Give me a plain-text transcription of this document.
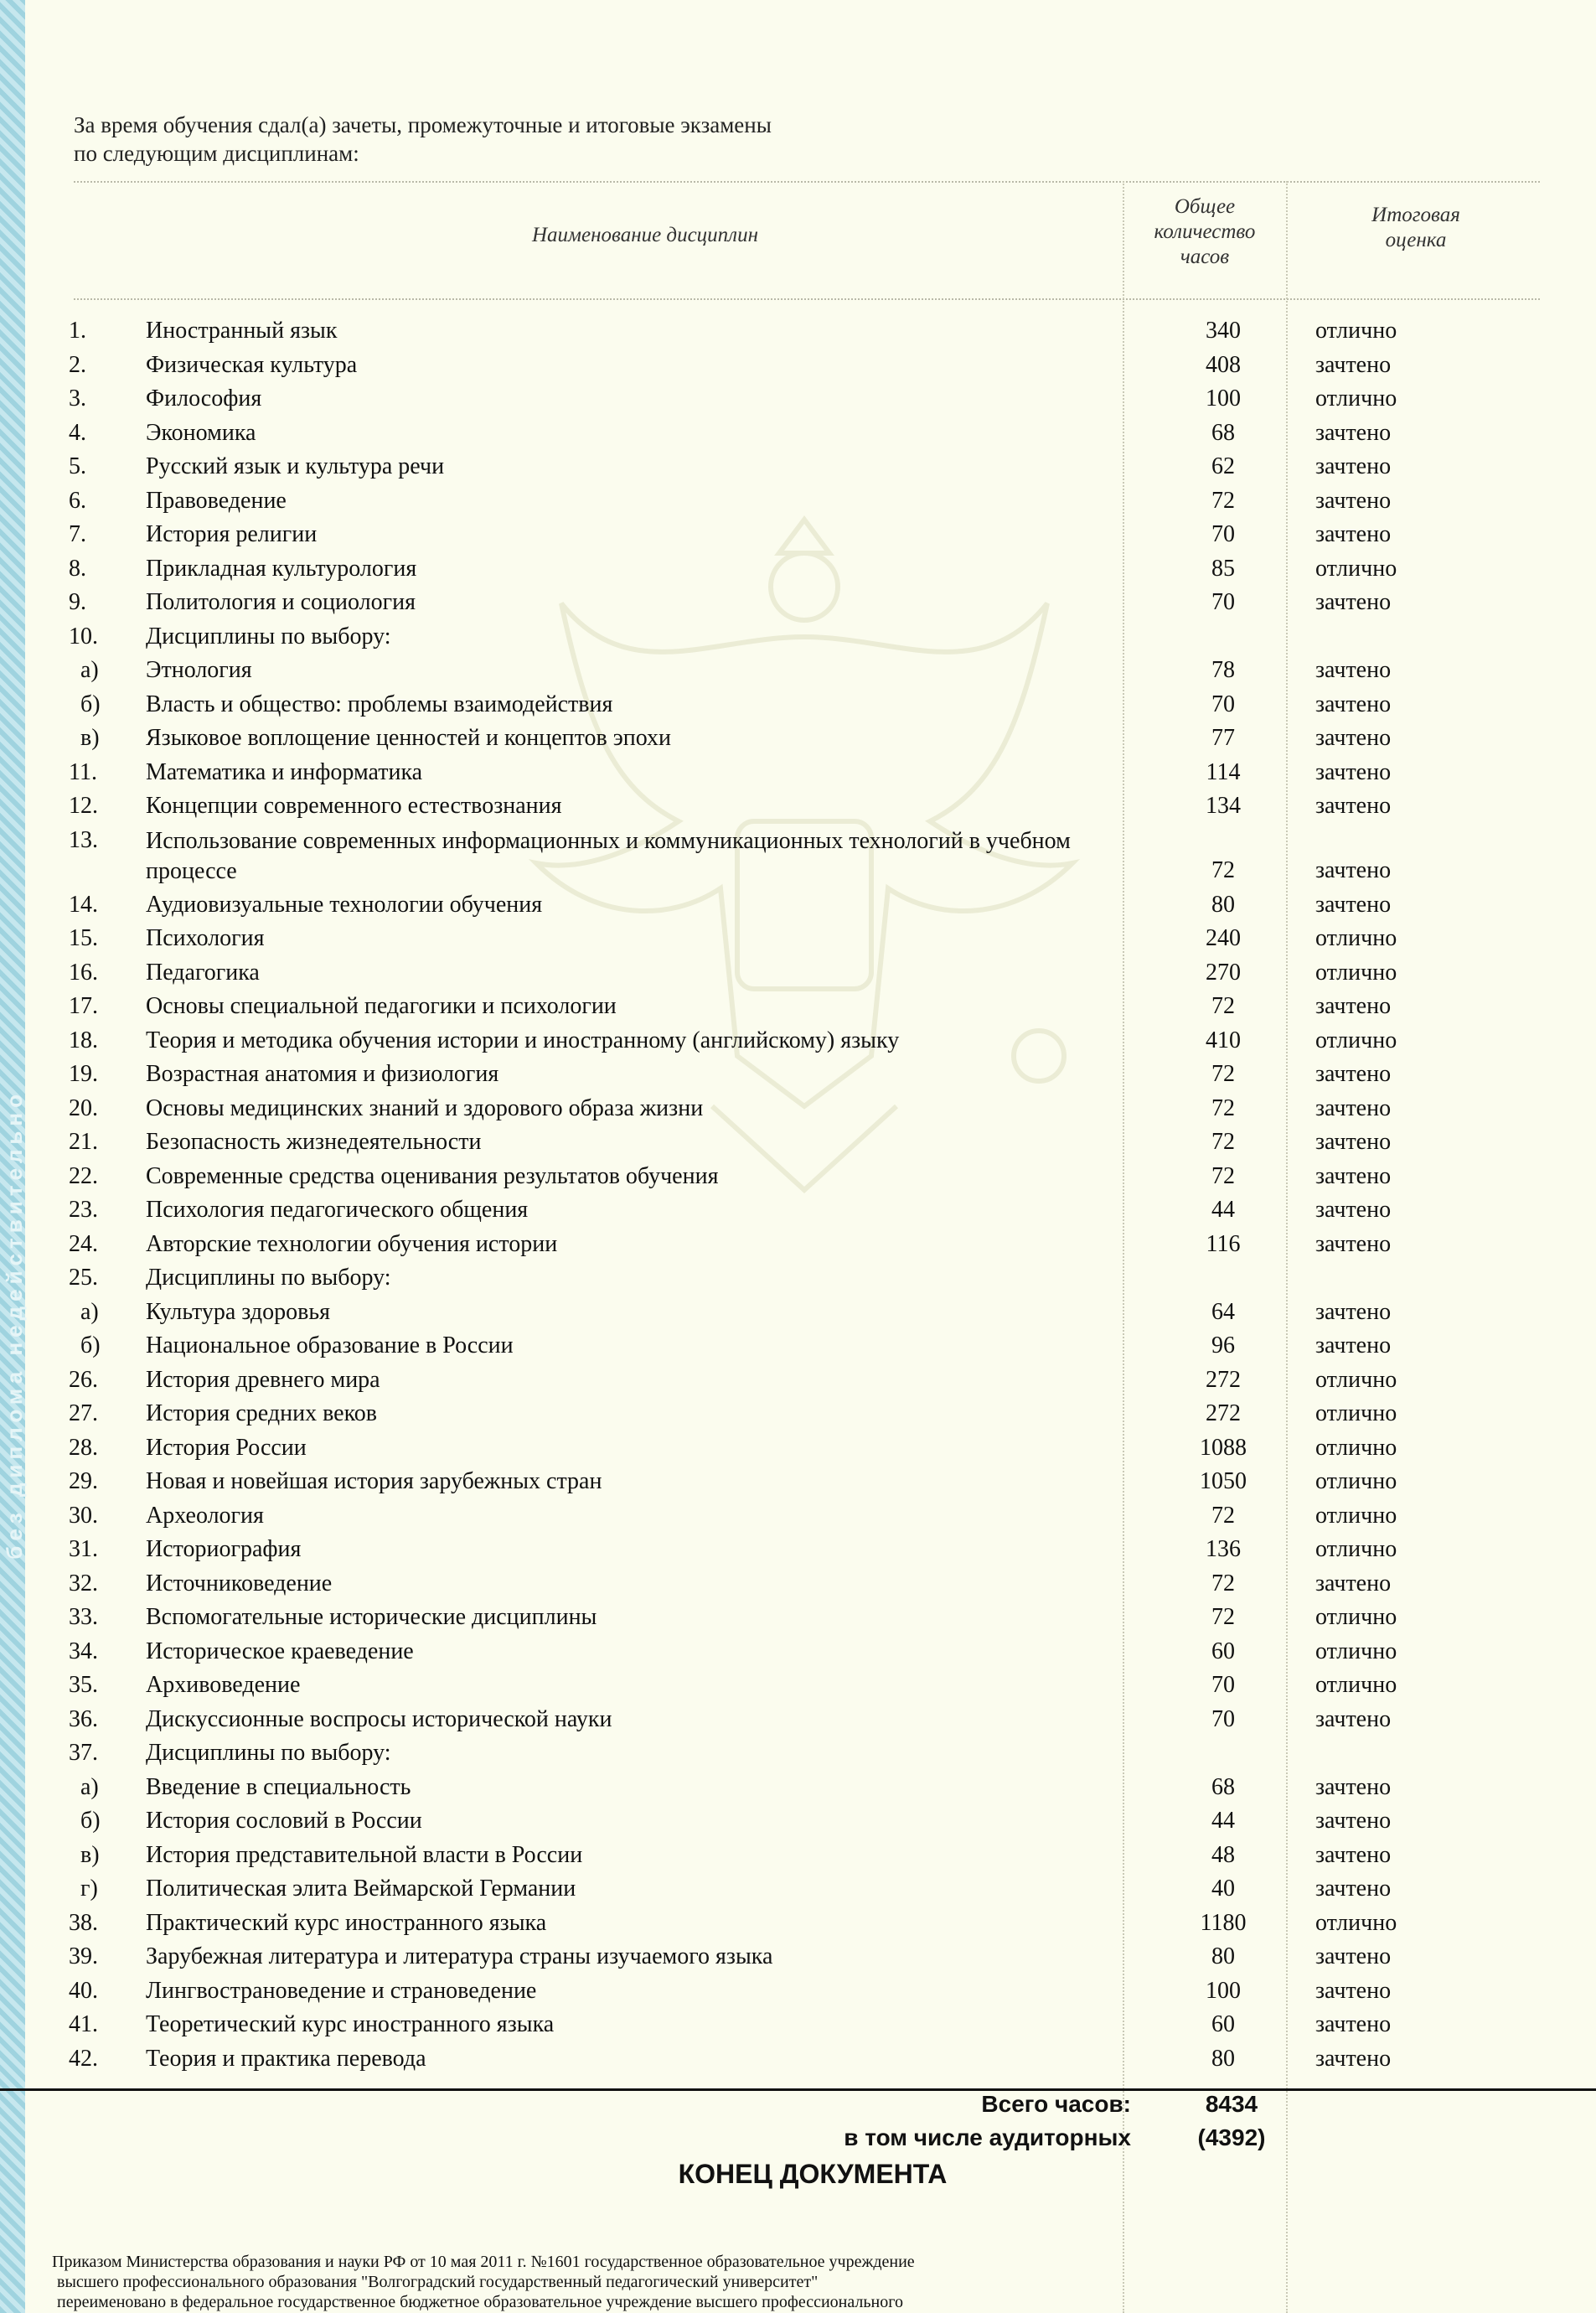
без диплома недействительно
За время обучения сдал(а) зачеты, промежуточные и итоговые экзамены
по следующим дисциплинам:
Наименование дисциплин
Общее
количество
часов
Итоговая
оценка
1.	Иностранный язык	340	отлично
2.	Физическая культура	408	зачтено
3.	Философия	100	отлично
4.	Экономика	68	зачтено
5.	Русский язык и культура речи	62	зачтено
6.	Правоведение	72	зачтено
7.	История религии	70	зачтено
8.	Прикладная культурология	85	отлично
9.	Политология и социология	70	зачтено
10.	Дисциплины по выбору:
а)	Этнология	78	зачтено
б)	Власть и общество: проблемы взаимодействия	70	зачтено
в)	Языковое воплощение ценностей и концептов эпохи	77	зачтено
11.	Математика и информатика	114	зачтено
12.	Концепции современного естествознания	134	зачтено
13.	Использование современных информационных и коммуникационных технологий в учебном процессе	72	зачтено
14.	Аудиовизуальные технологии обучения	80	зачтено
15.	Психология	240	отлично
16.	Педагогика	270	отлично
17.	Основы специальной педагогики и психологии	72	зачтено
18.	Теория и методика обучения истории и иностранному (английскому) языку	410	отлично
19.	Возрастная анатомия и физиология	72	зачтено
20.	Основы медицинских знаний и здорового образа жизни	72	зачтено
21.	Безопасность жизнедеятельности	72	зачтено
22.	Современные средства оценивания результатов обучения	72	зачтено
23.	Психология педагогического общения	44	зачтено
24.	Авторские технологии обучения истории	116	зачтено
25.	Дисциплины по выбору:
а)	Культура здоровья	64	зачтено
б)	Национальное образование в России	96	зачтено
26.	История древнего мира	272	отлично
27.	История средних веков	272	отлично
28.	История России	1088	отлично
29.	Новая и новейшая история зарубежных стран	1050	отлично
30.	Археология	72	отлично
31.	Историография	136	отлично
32.	Источниковедение	72	зачтено
33.	Вспомогательные исторические дисциплины	72	отлично
34.	Историческое краеведение	60	отлично
35.	Архивоведение	70	отлично
36.	Дискуссионные воспросы исторической науки	70	зачтено
37.	Дисциплины по выбору:
а)	Введение в специальность	68	зачтено
б)	История сословий в России	44	зачтено
в)	История представительной власти в России	48	зачтено
г)	Политическая элита Веймарской Германии	40	зачтено
38.	Практический курс иностранного языка	1180	отлично
39.	Зарубежная литература и литература страны изучаемого языка	80	зачтено
40.	Лингвострановедение и страноведение	100	зачтено
41.	Теоретический курс иностранного языка	60	зачтено
42.	Теория и практика перевода	80	зачтено
Всего часов:	8434
в том числе аудиторных	(4392)
КОНЕЦ ДОКУМЕНТА
Приказом Министерства образования и науки РФ от 10 мая 2011 г. №1601 государственное образовательное учреждение
высшего профессионального образования "Волгоградский государственный педагогический университет"
переименовано в федеральное государственное бюджетное образовательное учреждение высшего профессионального
